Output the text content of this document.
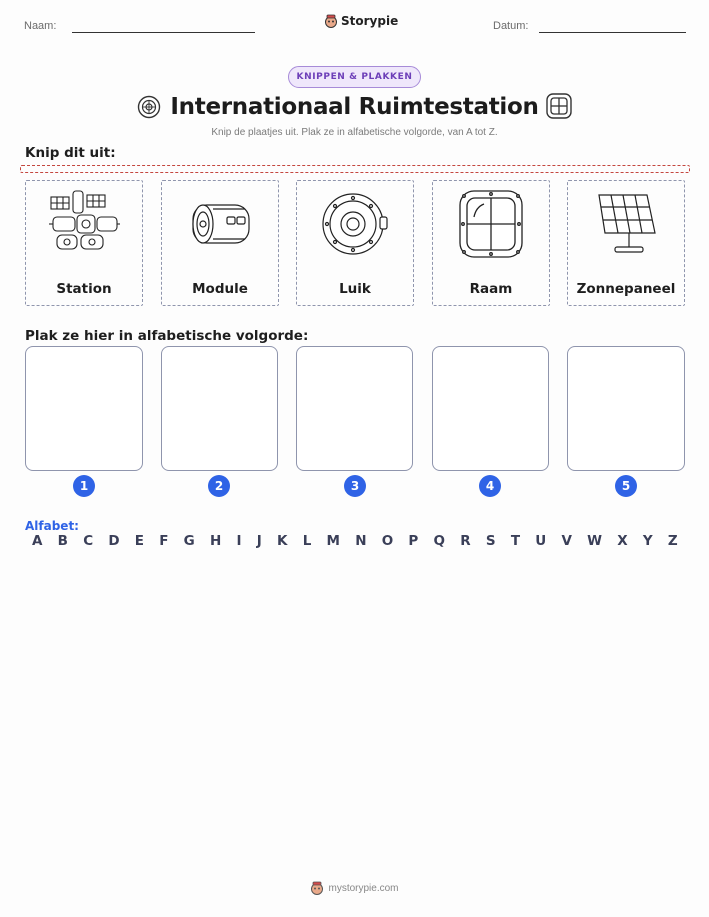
Naam:	Storypie	Datum:
KNIPPEN & PLAKKEN
Internationaal Ruimtestation
Knip de plaatjes uit. Plak ze in alfabetische volgorde, van A tot Z.
Knip dit uit:
Station	Module	Luik	Raam	Zonnepaneel
Plak ze hier in alfabetische volgorde:
1	2	3	4	5
Alfabet:
A B C D E F G H I J K L M N O P Q R S T U V W X Y Z
mystorypie.com
